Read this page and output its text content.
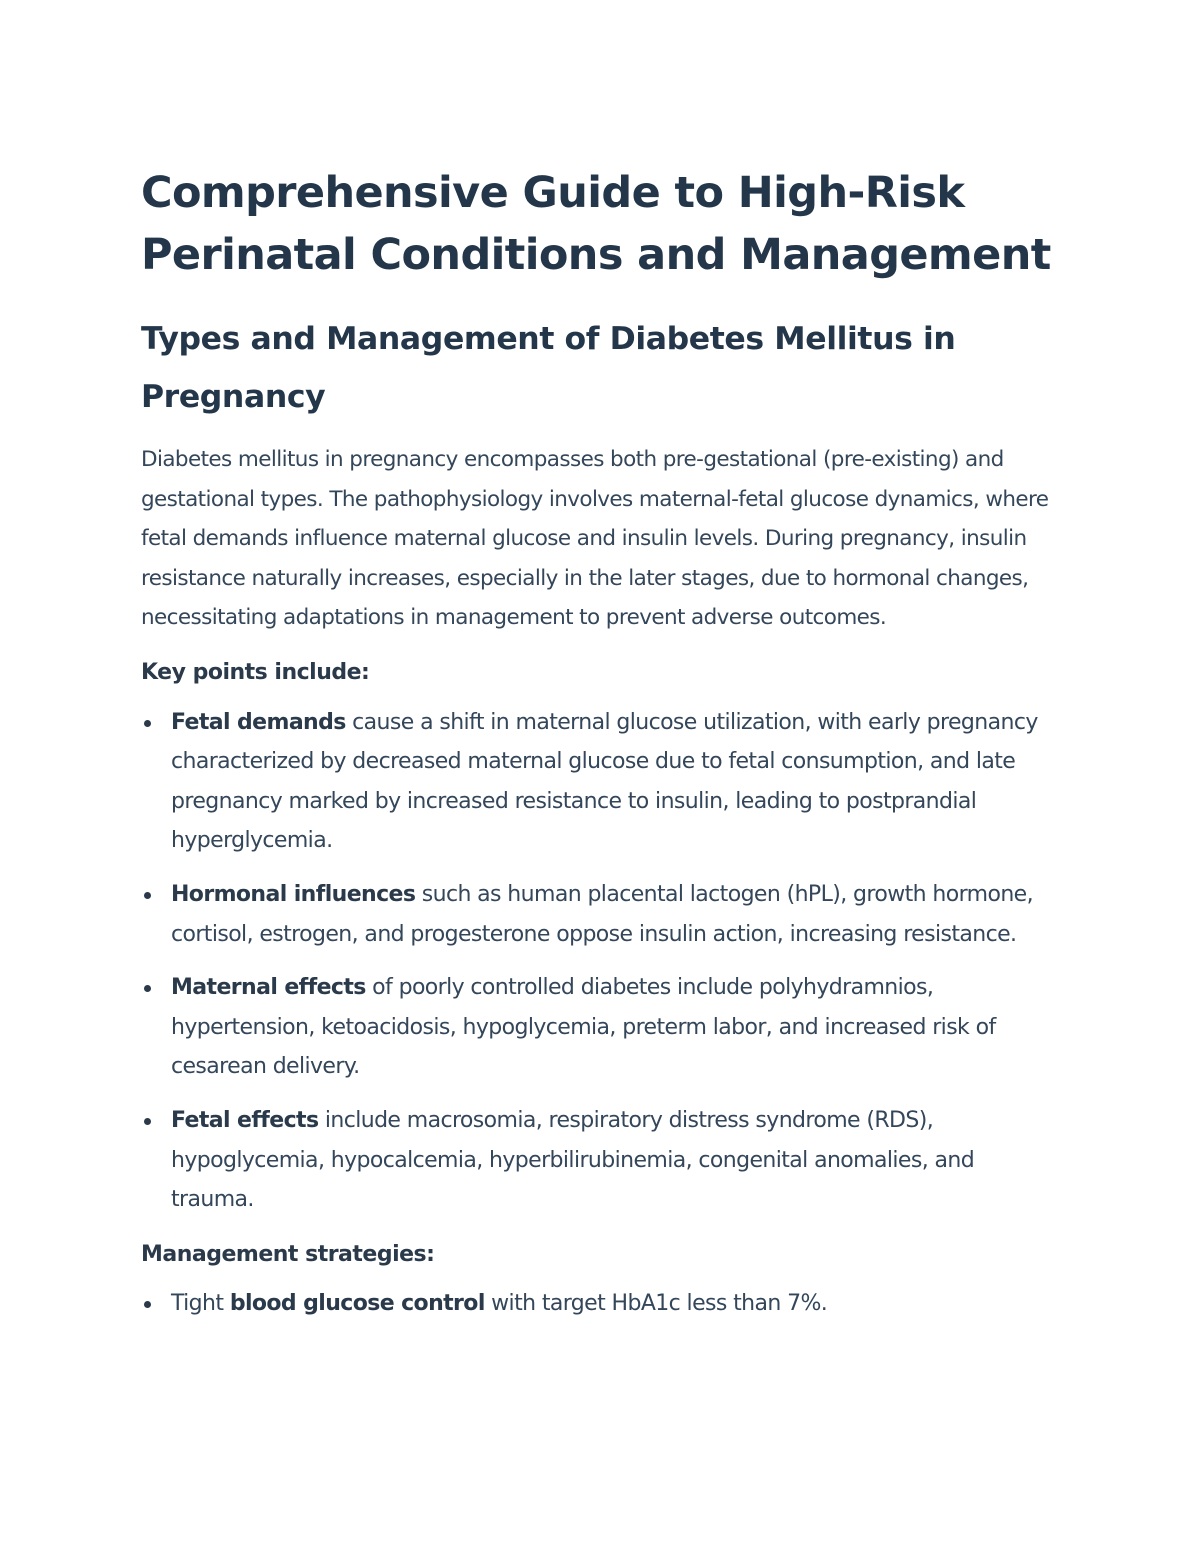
Comprehensive Guide to High-Risk Perinatal Conditions and Management
Types and Management of Diabetes Mellitus in Pregnancy

Diabetes mellitus in pregnancy encompasses both pre-gestational (pre-existing) and gestational types. The pathophysiology involves maternal-fetal glucose dynamics, where fetal demands influence maternal glucose and insulin levels. During pregnancy, insulin resistance naturally increases, especially in the later stages, due to hormonal changes, necessitating adaptations in management to prevent adverse outcomes.

Key points include:

Fetal demands cause a shift in maternal glucose utilization, with early pregnancy characterized by decreased maternal glucose due to fetal consumption, and late pregnancy marked by increased resistance to insulin, leading to postprandial hyperglycemia.
Hormonal influences such as human placental lactogen (hPL), growth hormone, cortisol, estrogen, and progesterone oppose insulin action, increasing resistance.
Maternal effects of poorly controlled diabetes include polyhydramnios, hypertension, ketoacidosis, hypoglycemia, preterm labor, and increased risk of cesarean delivery.
Fetal effects include macrosomia, respiratory distress syndrome (RDS), hypoglycemia, hypocalcemia, hyperbilirubinemia, congenital anomalies, and trauma.

Management strategies:

Tight blood glucose control with target HbA1c less than 7%.
